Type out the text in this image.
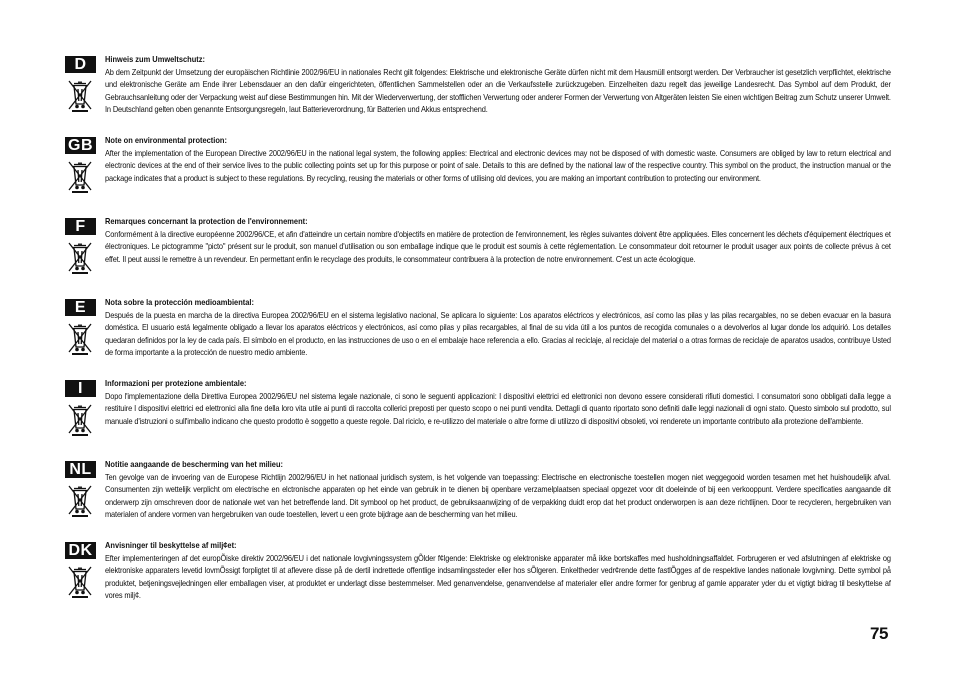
D	Hinweis zum Umweltschutz:

Ab dem Zeitpunkt der Umsetzung der europäischen Richtlinie 2002/96/EU in nationales Recht gilt folgendes: Elektrische und elektronische Geräte dürfen nicht mit dem Hausmüll entsorgt werden. Der Verbraucher ist gesetzlich verpflichtet, elektrische und elektronische Geräte am Ende ihrer Lebensdauer an den dafür eingerichteten, öffentlichen Sammelstellen oder an die Verkaufsstelle zurückzugeben. Einzelheiten dazu regelt das jeweilige Landesrecht. Das Symbol auf dem Produkt, der Gebrauchsanleitung oder der Verpackung weist auf diese Bestimmungen hin. Mit der Wiederverwertung, der stofflichen Verwertung oder anderer Formen der Verwertung von Altgeräten leisten Sie einen wichtigen Beitrag zum Schutz unserer Umwelt. In Deutschland gelten oben genannte Entsorgungsregeln, laut Batterieverordnung, für Batterien und Akkus entsprechend.

GB	Note on environmental protection:

After the implementation of the European Directive 2002/96/EU in the national legal system, the following applies: Electrical and electronic devices may not be disposed of with domestic waste. Consumers are obliged by law to return electrical and electronic devices at the end of their service lives to the public collecting points set up for this purpose or point of sale. Details to this are defined by the national law of the respective country. This symbol on the product, the instruction manual or the package indicates that a product is subject to these regulations. By recycling, reusing the materials or other forms of utilising old devices, you are making an important contribution to protecting our environment.

F	Remarques concernant la protection de l'environnement:

Conformément à la directive européenne 2002/96/CE, et afin d'atteindre un certain nombre d'objectifs en matière de protection de l'environnement, les règles suivantes doivent être appliquées. Elles concernent les déchets d'équipement électriques et électroniques. Le pictogramme "picto" présent sur le produit, son manuel d'utilisation ou son emballage indique que le produit est soumis à cette réglementation. Le consommateur doit retourner le produit usager aux points de collecte prévus à cet effet. Il peut aussi le remettre à un revendeur. En permettant enfin le recyclage des produits, le consommateur contribuera à la protection de notre environnement. C'est un acte écologique.

E	Nota sobre la protección medioambiental:

Después de la puesta en marcha de la directiva Europea 2002/96/EU en el sistema legislativo nacional, Se aplicara lo siguiente: Los aparatos eléctricos y electrónicos, así como las pilas y las pilas recargables, no se deben evacuar en la basura doméstica. El usuario está legalmente obligado a llevar los aparatos eléctricos y electrónicos, así como pilas y pilas recargables, al final de su vida útil a los puntos de recogida comunales o a devolverlos al lugar donde los adquirió. Los detalles quedaran definidos por la ley de cada país. El símbolo en el producto, en las instrucciones de uso o en el embalaje hace referencia a ello. Gracias al reciclaje, al reciclaje del material o a otras formas de reciclaje de aparatos usados, contribuye Usted de forma importante a la protección de nuestro medio ambiente.

I	Informazioni per protezione ambientale:

Dopo l'implementazione della Direttiva Europea 2002/96/EU nel sistema legale nazionale, ci sono le seguenti applicazioni: I dispositivi elettrici ed elettronici non devono essere considerati rifiuti domestici. I consumatori sono obbligati dalla legge a restituire I dispositivi elettrici ed elettronici alla fine della loro vita utile ai punti di raccolta collerici preposti per questo scopo o nei punti vendita. Dettagli di quanto riportato sono definiti dalle leggi nazionali di ogni stato. Questo simbolo sul prodotto, sul manuale d'istruzioni o sull'imballo indicano che questo prodotto è soggetto a queste regole. Dal riciclo, e re-utilizzo del materiale o altre forme di utilizzo di dispositivi obsoleti, voi renderete un importante contributo alla protezione dell'ambiente.

NL	Notitie aangaande de bescherming van het milieu:

Ten gevolge van de invoering van de Europese Richtlijn 2002/96/EU in het nationaal juridisch system, is het volgende van toepassing: Electrische en electronische toestellen mogen niet weggegooid worden tesamen met het huishoudelijk afval. Consumenten zijn wettelijk verplicht om electrische en elctronische apparaten op het einde van gebruik in te dienen bij openbare verzamelplaatsen speciaal opgezet voor dit doeleinde of bij een verkooppunt. Verdere specificaties aangaande dit onderwerp zijn omschreven door de nationale wet van het betreffende land. Dit symbool op het product, de gebruiksaanwijzing of de verpakking duidt erop dat het product onderworpen is aan deze richtlijnen. Door te recycleren, hergebruiken van materialen of andere vormen van hergebruiken van oude toestellen, levert u een grote bijdrage aan de bescherming van het milieu.

DK	Anvisninger til beskyttelse af milj¢et:

Efter implementeringen af det europÕiske direktiv 2002/96/EU i det nationale lovgivningssystem gÕlder f¢lgende: Elektriske og elektroniske apparater må ikke bortskaffes med husholdningsaffaldet. Forbrugeren er ved afslutningen af elektriske og elektroniske apparaters levetid lovmÕssigt forpligtet til at aflevere disse på de dertil indrettede offentlige indsamlingssteder eller hos sÕlgeren. Enkeltheder vedr¢rende dette fastlÕgges af de respektive landes nationale lovgivning. Dette symbol på produktet, betjeningsvejledningen eller emballagen viser, at produktet er underlagt disse bestemmelser. Med genanvendelse, genanvendelse af materialer eller andre former for genbrug af gamle apparater yder du et vigtigt bidrag til beskyttelse af vores milj¢.

75
